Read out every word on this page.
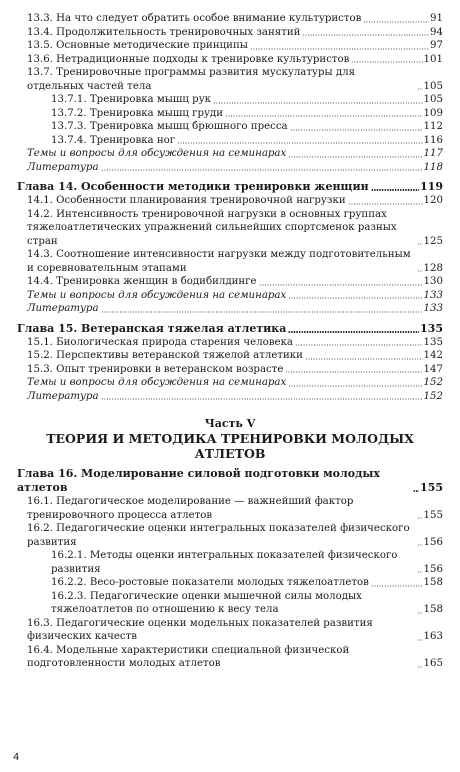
13.3. На что следует обратить особое внимание культуристов	91
13.4. Продолжительность тренировочных занятий	94
13.5. Основные методические принципы	97
13.6. Нетрадиционные подходы к тренировке культуристов	101
13.7. Тренировочные программы развития мускулатуры для отдельных частей тела	105
13.7.1. Тренировка мышц рук	105
13.7.2. Тренировка мышц груди	109
13.7.3. Тренировка мышц брюшного пресса	112
13.7.4. Тренировка ног	116
Темы и вопросы для обсуждения на семинарах	117
Литература	118
Глава 14. Особенности методики тренировки женщин	119
14.1. Особенности планирования тренировочной нагрузки	120
14.2. Интенсивность тренировочной нагрузки в основных группах тяжелоатлетических упражнений сильнейших спортсменок разных стран	125
14.3. Соотношение интенсивности нагрузки между подготовительным и соревновательным этапами	128
14.4. Тренировка женщин в бодибилдинге	130
Темы и вопросы для обсуждения на семинарах	133
Литература	133
Глава 15. Ветеранская тяжелая атлетика	135
15.1. Биологическая природа старения человека	135
15.2. Перспективы ветеранской тяжелой атлетики	142
15.3. Опыт тренировки в ветеранском возрасте	147
Темы и вопросы для обсуждения на семинарах	152
Литература	152
Часть V
ТЕОРИЯ И МЕТОДИКА ТРЕНИРОВКИ МОЛОДЫХ АТЛЕТОВ
Глава 16. Моделирование силовой подготовки молодых атлетов	155
16.1. Педагогическое моделирование — важнейший фактор тренировочного процесса атлетов	155
16.2. Педагогические оценки интегральных показателей физического развития	156
16.2.1. Методы оценки интегральных показателей физического развития	156
16.2.2. Весо-ростовые показатели молодых тяжелоатлетов	158
16.2.3. Педагогические оценки мышечной силы молодых тяжелоатлетов по отношению к весу тела	158
16.3. Педагогические оценки модельных показателей развития физических качеств	163
16.4. Модельные характеристики специальной физической подготовленности молодых атлетов	165
4
